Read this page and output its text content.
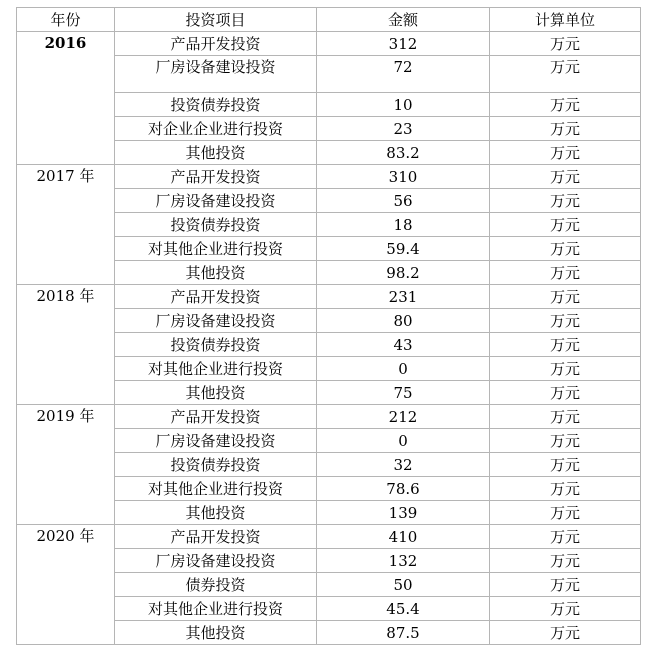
年份	投资项目	金额	计算单位
2016	产品开发投资	312	万元
	厂房设备建设投资	72	万元
	投资债券投资	10	万元
	对企业企业进行投资	23	万元
	其他投资	83.2	万元
2017 年	产品开发投资	310	万元
	厂房设备建设投资	56	万元
	投资债券投资	18	万元
	对其他企业进行投资	59.4	万元
	其他投资	98.2	万元
2018 年	产品开发投资	231	万元
	厂房设备建设投资	80	万元
	投资债券投资	43	万元
	对其他企业进行投资	0	万元
	其他投资	75	万元
2019 年	产品开发投资	212	万元
	厂房设备建设投资	0	万元
	投资债券投资	32	万元
	对其他企业进行投资	78.6	万元
	其他投资	139	万元
2020 年	产品开发投资	410	万元
	厂房设备建设投资	132	万元
	债券投资	50	万元
	对其他企业进行投资	45.4	万元
	其他投资	87.5	万元
